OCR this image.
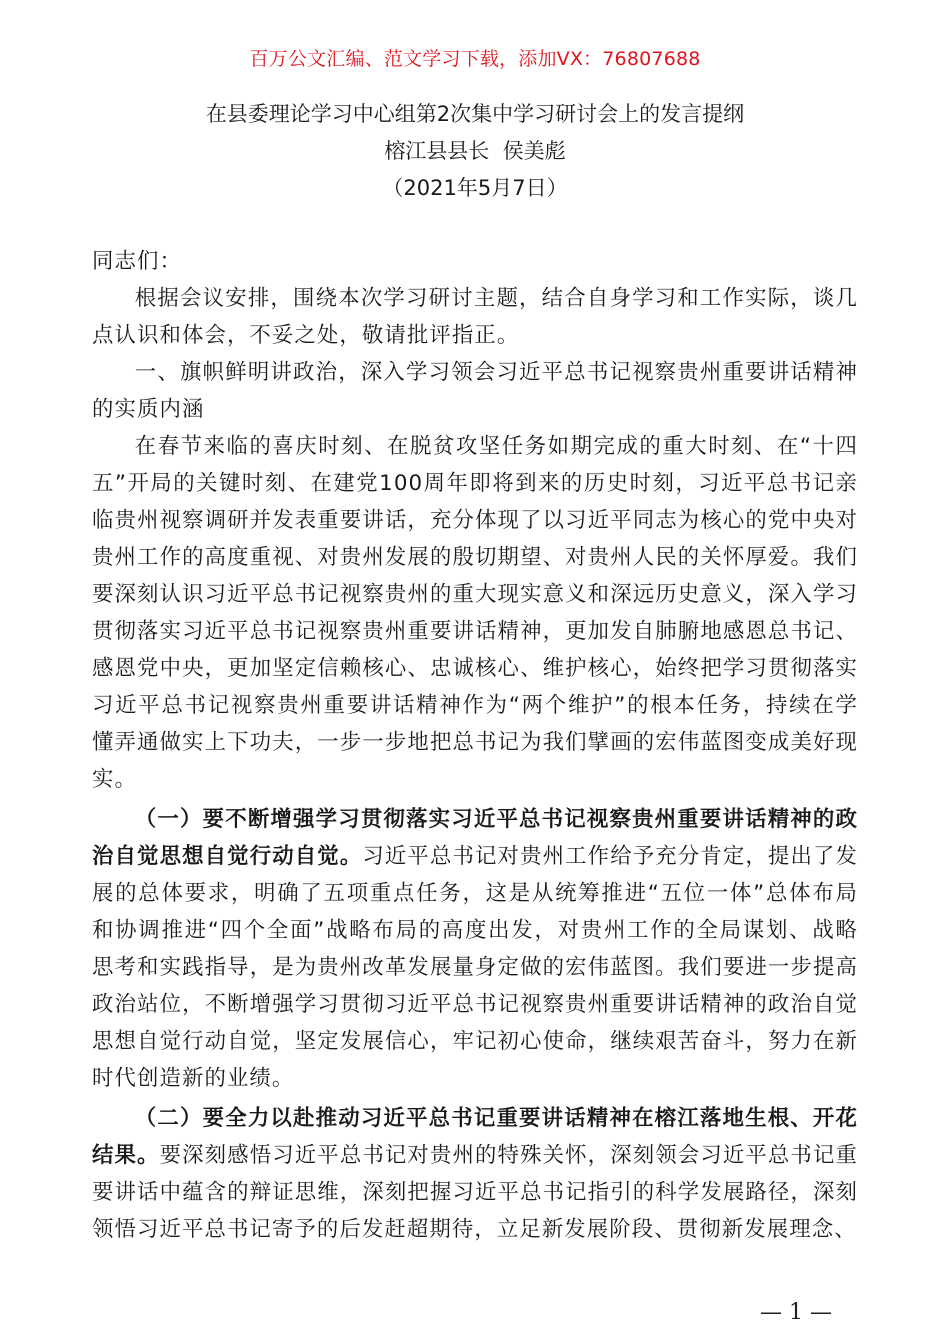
百万公文汇编、范文学习下载，添加VX：76807688
在县委理论学习中心组第2次集中学习研讨会上的发言提纲
榕江县县长  侯美彪
（2021年5月7日）

同志们：

根据会议安排，围绕本次学习研讨主题，结合自身学习和工作实际，谈几点认识和体会，不妥之处，敬请批评指正。

一、旗帜鲜明讲政治，深入学习领会习近平总书记视察贵州重要讲话精神的实质内涵

在春节来临的喜庆时刻、在脱贫攻坚任务如期完成的重大时刻、在“十四五”开局的关键时刻、在建党100周年即将到来的历史时刻，习近平总书记亲临贵州视察调研并发表重要讲话，充分体现了以习近平同志为核心的党中央对贵州工作的高度重视、对贵州发展的殷切期望、对贵州人民的关怀厚爱。我们要深刻认识习近平总书记视察贵州的重大现实意义和深远历史意义，深入学习贯彻落实习近平总书记视察贵州重要讲话精神，更加发自肺腑地感恩总书记、感恩党中央，更加坚定信赖核心、忠诚核心、维护核心，始终把学习贯彻落实习近平总书记视察贵州重要讲话精神作为“两个维护”的根本任务，持续在学懂弄通做实上下功夫，一步一步地把总书记为我们擘画的宏伟蓝图变成美好现实。

（一）要不断增强学习贯彻落实习近平总书记视察贵州重要讲话精神的政治自觉思想自觉行动自觉。习近平总书记对贵州工作给予充分肯定，提出了发展的总体要求，明确了五项重点任务，这是从统筹推进“五位一体”总体布局和协调推进“四个全面”战略布局的高度出发，对贵州工作的全局谋划、战略思考和实践指导，是为贵州改革发展量身定做的宏伟蓝图。我们要进一步提高政治站位，不断增强学习贯彻习近平总书记视察贵州重要讲话精神的政治自觉思想自觉行动自觉，坚定发展信心，牢记初心使命，继续艰苦奋斗，努力在新时代创造新的业绩。

（二）要全力以赴推动习近平总书记重要讲话精神在榕江落地生根、开花结果。要深刻感悟习近平总书记对贵州的特殊关怀，深刻领会习近平总书记重要讲话中蕴含的辩证思维，深刻把握习近平总书记指引的科学发展路径，深刻领悟习近平总书记寄予的后发赶超期待，立足新发展阶段、贯彻新发展理念、

— 1 —
